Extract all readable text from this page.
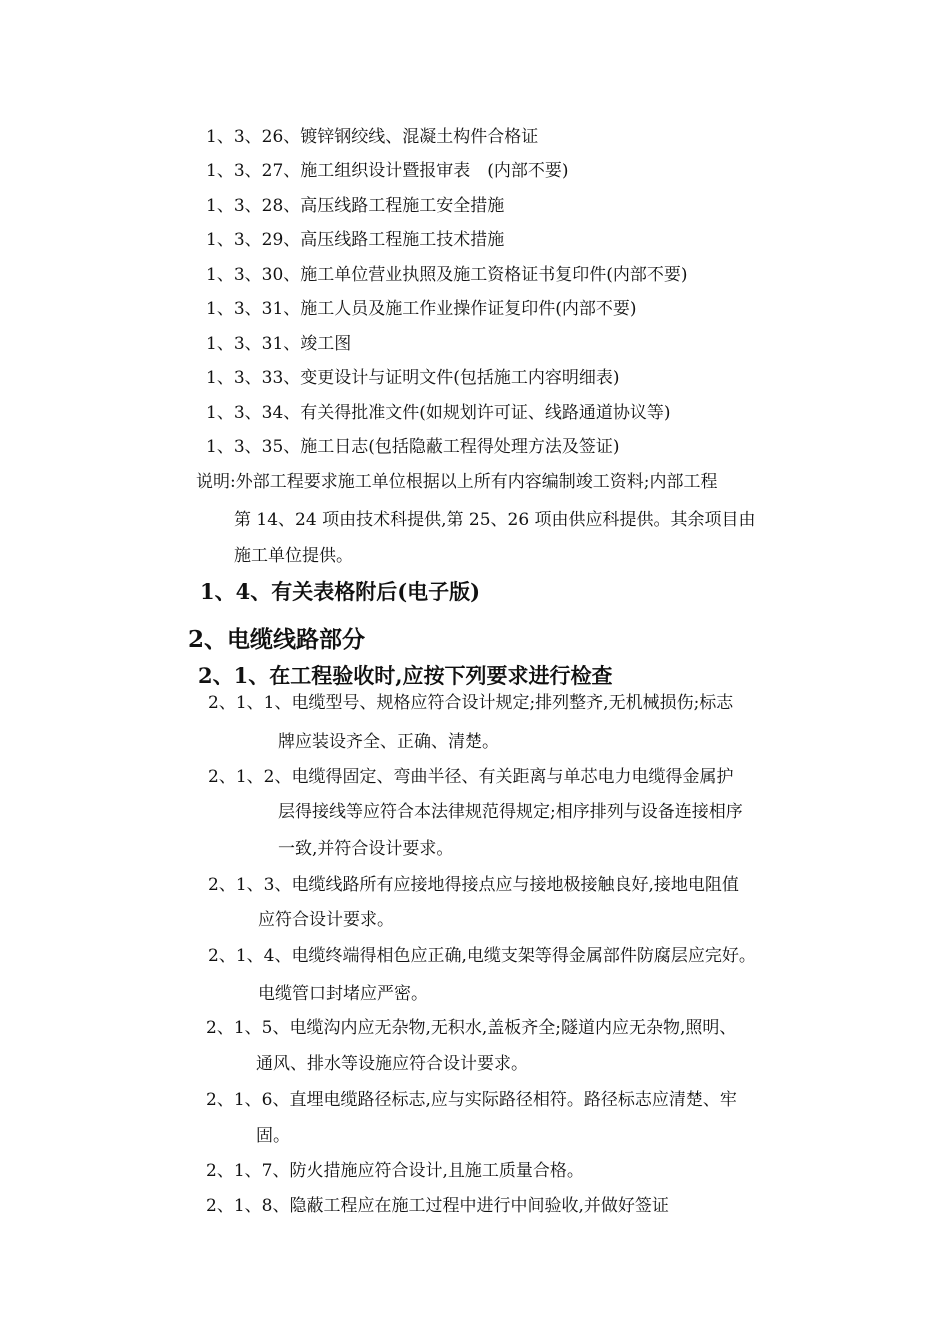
1、3、26、镀锌钢绞线、混凝土构件合格证
1、3、27、施工组织设计暨报审表　(内部不要)
1、3、28、高压线路工程施工安全措施
1、3、29、高压线路工程施工技术措施
1、3、30、施工单位营业执照及施工资格证书复印件(内部不要)
1、3、31、施工人员及施工作业操作证复印件(内部不要)
1、3、31、竣工图
1、3、33、变更设计与证明文件(包括施工内容明细表)
1、3、34、有关得批准文件(如规划许可证、线路通道协议等)
1、3、35、施工日志(包括隐蔽工程得处理方法及签证)
说明:外部工程要求施工单位根据以上所有内容编制竣工资料;内部工程
第 14、24 项由技术科提供,第 25、26 项由供应科提供。其余项目由
施工单位提供。
1、4、有关表格附后(电子版)
2、电缆线路部分
2、1、在工程验收时,应按下列要求进行检查
2、1、1、电缆型号、规格应符合设计规定;排列整齐,无机械损伤;标志
牌应装设齐全、正确、清楚。
2、1、2、电缆得固定、弯曲半径、有关距离与单芯电力电缆得金属护
层得接线等应符合本法律规范得规定;相序排列与设备连接相序
一致,并符合设计要求。
2、1、3、电缆线路所有应接地得接点应与接地极接触良好,接地电阻值
应符合设计要求。
2、1、4、电缆终端得相色应正确,电缆支架等得金属部件防腐层应完好。
电缆管口封堵应严密。
2、1、5、电缆沟内应无杂物,无积水,盖板齐全;隧道内应无杂物,照明、
通风、排水等设施应符合设计要求。
2、1、6、直埋电缆路径标志,应与实际路径相符。路径标志应清楚、牢
固。
2、1、7、防火措施应符合设计,且施工质量合格。
2、1、8、隐蔽工程应在施工过程中进行中间验收,并做好签证
